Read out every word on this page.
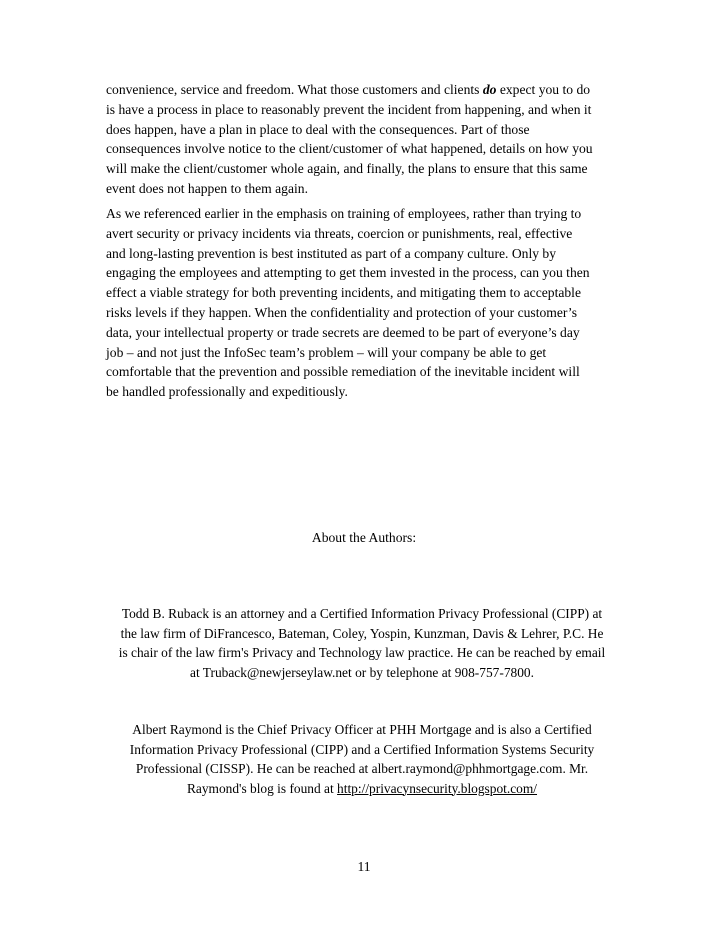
convenience, service and freedom. What those customers and clients do expect you to do
is have a process in place to reasonably prevent the incident from happening, and when it
does happen, have a plan in place to deal with the consequences. Part of those
consequences involve notice to the client/customer of what happened, details on how you
will make the client/customer whole again, and finally, the plans to ensure that this same
event does not happen to them again.

As we referenced earlier in the emphasis on training of employees, rather than trying to
avert security or privacy incidents via threats, coercion or punishments, real, effective
and long-lasting prevention is best instituted as part of a company culture. Only by
engaging the employees and attempting to get them invested in the process, can you then
effect a viable strategy for both preventing incidents, and mitigating them to acceptable
risks levels if they happen. When the confidentiality and protection of your customer’s
data, your intellectual property or trade secrets are deemed to be part of everyone’s day
job – and not just the InfoSec team’s problem – will your company be able to get
comfortable that the prevention and possible remediation of the inevitable incident will
be handled professionally and expeditiously.

About the Authors:

Todd B. Ruback is an attorney and a Certified Information Privacy Professional (CIPP) at
the law firm of DiFrancesco, Bateman, Coley, Yospin, Kunzman, Davis & Lehrer, P.C. He
is chair of the law firm's Privacy and Technology law practice. He can be reached by email
at Truback@newjerseylaw.net or by telephone at 908-757-7800.

Albert Raymond is the Chief Privacy Officer at PHH Mortgage and is also a Certified
Information Privacy Professional (CIPP) and a Certified Information Systems Security
Professional (CISSP). He can be reached at albert.raymond@phhmortgage.com. Mr.
Raymond's blog is found at http://privacynsecurity.blogspot.com/

11
